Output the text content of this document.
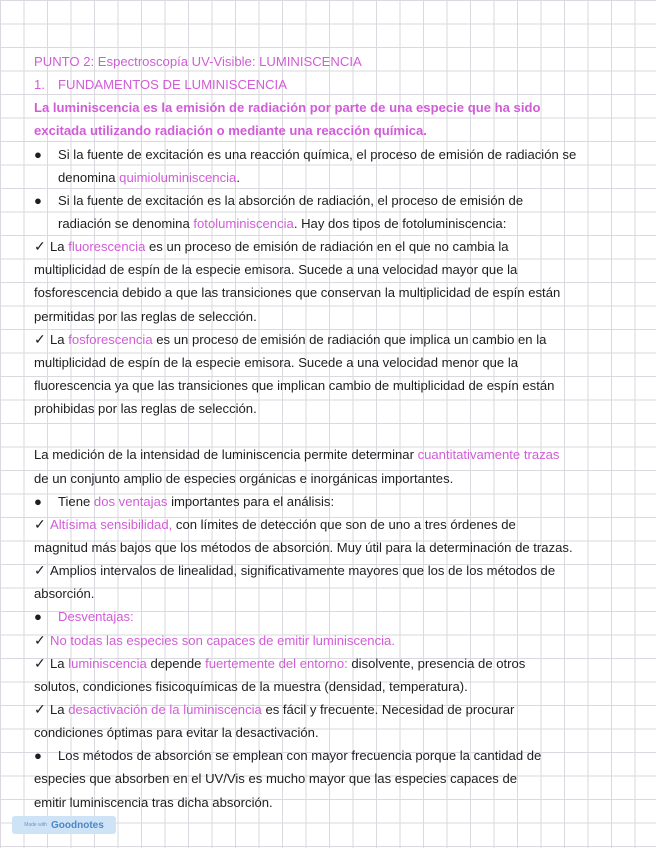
PUNTO 2: Espectroscopía UV-Visible: LUMINISCENCIA
1. FUNDAMENTOS DE LUMINISCENCIA
La luminiscencia es la emisión de radiación por parte de una especie que ha sido
excitada utilizando radiación o mediante una reacción química.
● Si la fuente de excitación es una reacción química, el proceso de emisión de radiación se
denomina quimioluminiscencia.
● Si la fuente de excitación es la absorción de radiación, el proceso de emisión de
radiación se denomina fotoluminiscencia. Hay dos tipos de fotoluminiscencia:
✓ La fluorescencia es un proceso de emisión de radiación en el que no cambia la
multiplicidad de espín de la especie emisora. Sucede a una velocidad mayor que la
fosforescencia debido a que las transiciones que conservan la multiplicidad de espín están
permitidas por las reglas de selección.
✓ La fosforescencia es un proceso de emisión de radiación que implica un cambio en la
multiplicidad de espín de la especie emisora. Sucede a una velocidad menor que la
fluorescencia ya que las transiciones que implican cambio de multiplicidad de espín están
prohibidas por las reglas de selección.
La medición de la intensidad de luminiscencia permite determinar cuantitativamente trazas
de un conjunto amplio de especies orgánicas e inorgánicas importantes.
● Tiene dos ventajas importantes para el análisis:
✓ Altísima sensibilidad, con límites de detección que son de uno a tres órdenes de
magnitud más bajos que los métodos de absorción. Muy útil para la determinación de trazas.
✓ Amplios intervalos de linealidad, significativamente mayores que los de los métodos de
absorción.
● Desventajas:
✓ No todas las especies son capaces de emitir luminiscencia.
✓ La luminiscencia depende fuertemente del entorno: disolvente, presencia de otros
solutos, condiciones fisicoquímicas de la muestra (densidad, temperatura).
✓ La desactivación de la luminiscencia es fácil y frecuente. Necesidad de procurar
condiciones óptimas para evitar la desactivación.
● Los métodos de absorción se emplean con mayor frecuencia porque la cantidad de
especies que absorben en el UV/Vis es mucho mayor que las especies capaces de
emitir luminiscencia tras dicha absorción.
Made with Goodnotes
